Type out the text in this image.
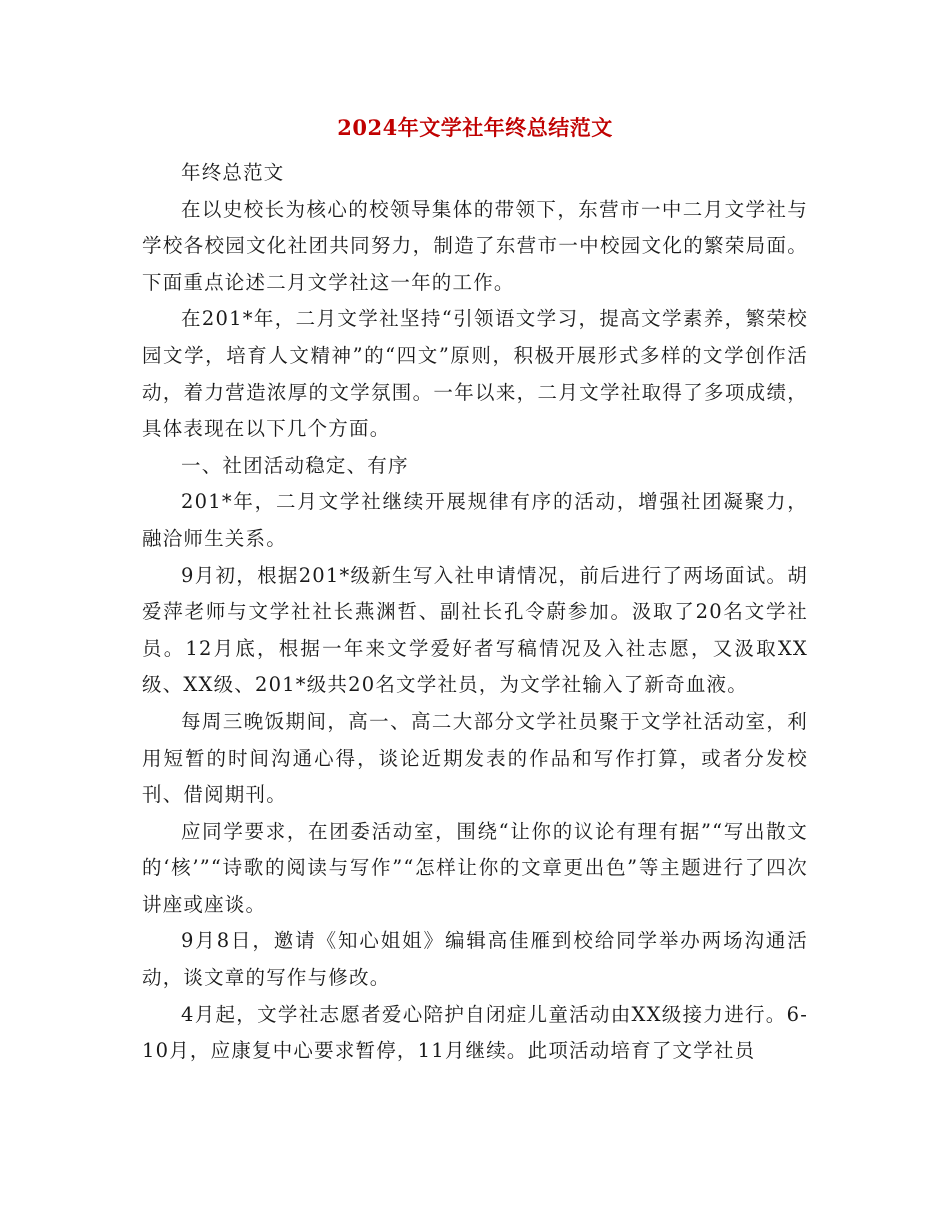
2024年文学社年终总结范文

年终总范文

在以史校长为核心的校领导集体的带领下，东营市一中二月文学社与学校各校园文化社团共同努力，制造了东营市一中校园文化的繁荣局面。下面重点论述二月文学社这一年的工作。

在201*年，二月文学社坚持“引领语文学习，提高文学素养，繁荣校园文学，培育人文精神”的“四文”原则，积极开展形式多样的文学创作活动，着力营造浓厚的文学氛围。一年以来，二月文学社取得了多项成绩，具体表现在以下几个方面。

一、社团活动稳定、有序

201*年，二月文学社继续开展规律有序的活动，增强社团凝聚力，融洽师生关系。

9月初，根据201*级新生写入社申请情况，前后进行了两场面试。胡爱萍老师与文学社社长燕渊哲、副社长孔令蔚参加。汲取了20名文学社员。12月底，根据一年来文学爱好者写稿情况及入社志愿，又汲取XX级、XX级、201*级共20名文学社员，为文学社输入了新奇血液。

每周三晚饭期间，高一、高二大部分文学社员聚于文学社活动室，利用短暂的时间沟通心得，谈论近期发表的作品和写作打算，或者分发校刊、借阅期刊。

应同学要求，在团委活动室，围绕“让你的议论有理有据”“写出散文的‘核’”“诗歌的阅读与写作”“怎样让你的文章更出色”等主题进行了四次讲座或座谈。

9月8日，邀请《知心姐姐》编辑高佳雁到校给同学举办两场沟通活动，谈文章的写作与修改。

4月起，文学社志愿者爱心陪护自闭症儿童活动由XX级接力进行。6-10月，应康复中心要求暂停，11月继续。此项活动培育了文学社员
